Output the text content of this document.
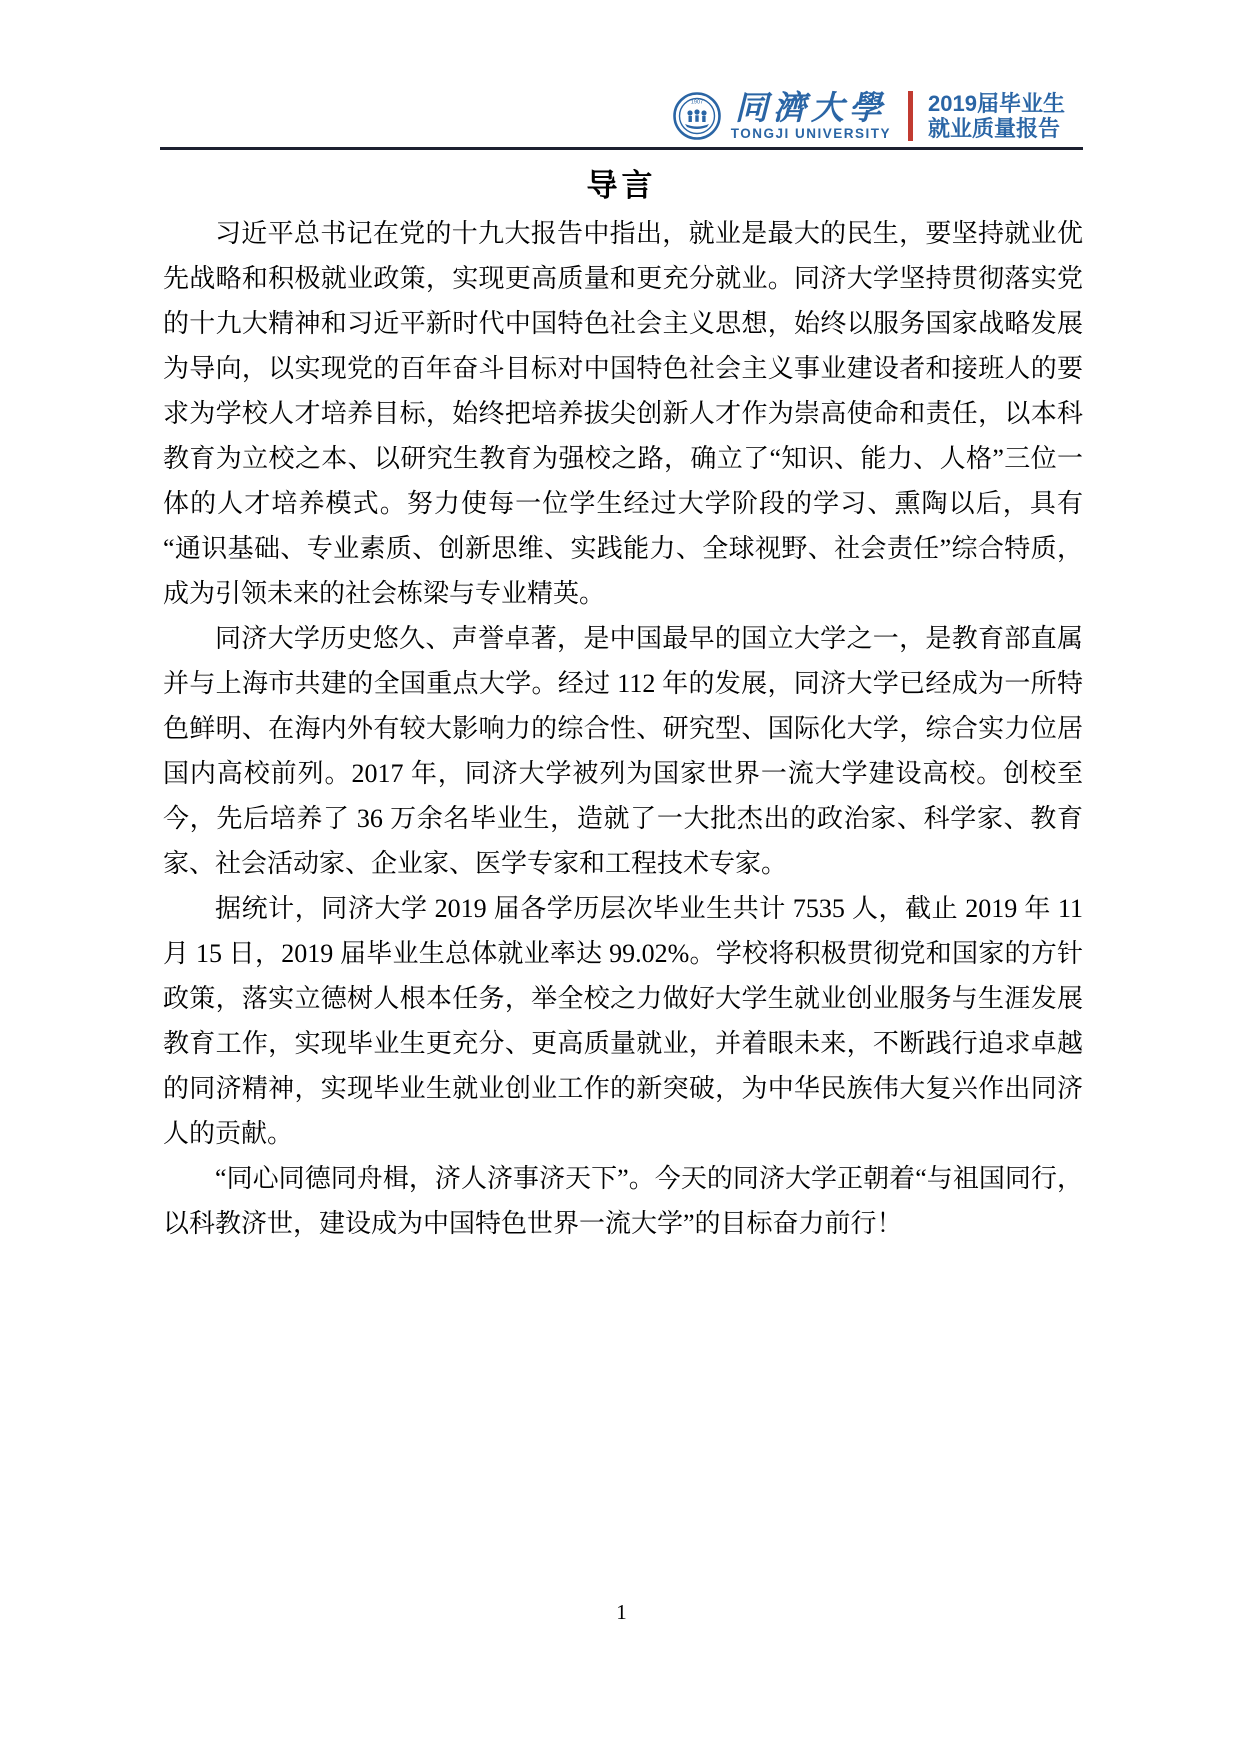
1907 同濟大學
TONGJI UNIVERSITY
2019届毕业生
就业质量报告
导言

习近平总书记在党的十九大报告中指出，就业是最大的民生，要坚持就业优先战略和积极就业政策，实现更高质量和更充分就业。同济大学坚持贯彻落实党的十九大精神和习近平新时代中国特色社会主义思想，始终以服务国家战略发展为导向，以实现党的百年奋斗目标对中国特色社会主义事业建设者和接班人的要求为学校人才培养目标，始终把培养拔尖创新人才作为崇高使命和责任，以本科教育为立校之本、以研究生教育为强校之路，确立了“知识、能力、人格”三位一体的人才培养模式。努力使每一位学生经过大学阶段的学习、熏陶以后，具有“通识基础、专业素质、创新思维、实践能力、全球视野、社会责任”综合特质，成为引领未来的社会栋梁与专业精英。

同济大学历史悠久、声誉卓著，是中国最早的国立大学之一，是教育部直属并与上海市共建的全国重点大学。经过 112 年的发展，同济大学已经成为一所特色鲜明、在海内外有较大影响力的综合性、研究型、国际化大学，综合实力位居国内高校前列。2017 年，同济大学被列为国家世界一流大学建设高校。创校至今，先后培养了 36 万余名毕业生，造就了一大批杰出的政治家、科学家、教育家、社会活动家、企业家、医学专家和工程技术专家。

据统计，同济大学 2019 届各学历层次毕业生共计 7535 人，截止 2019 年 11 月 15 日，2019 届毕业生总体就业率达 99.02%。学校将积极贯彻党和国家的方针政策，落实立德树人根本任务，举全校之力做好大学生就业创业服务与生涯发展教育工作，实现毕业生更充分、更高质量就业，并着眼未来，不断践行追求卓越的同济精神，实现毕业生就业创业工作的新突破，为中华民族伟大复兴作出同济人的贡献。

“同心同德同舟楫，济人济事济天下”。今天的同济大学正朝着“与祖国同行，以科教济世，建设成为中国特色世界一流大学”的目标奋力前行！

1
